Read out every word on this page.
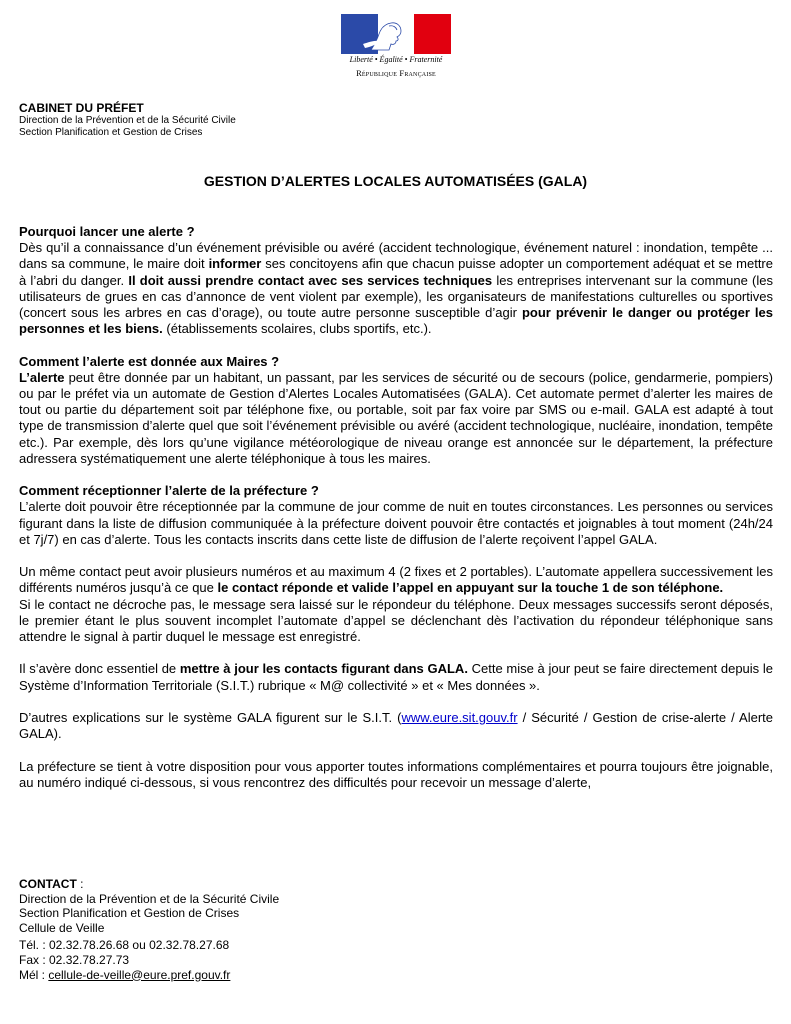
Liberté • Égalité • Fraternité
République Française
CABINET DU PRÉFET
Direction de la Prévention et de la Sécurité Civile
Section Planification et Gestion de Crises
GESTION D’ALERTES LOCALES AUTOMATISÉES (GALA)

Pourquoi lancer une alerte ?

Dès qu’il a connaissance d’un événement prévisible ou avéré (accident technologique, événement naturel : inondation, tempête ... dans sa commune, le maire doit informer ses concitoyens afin que chacun puisse adopter un comportement adéquat et se mettre à l’abri du danger. Il doit aussi prendre contact avec ses services techniques les entreprises intervenant sur la commune (les utilisateurs de grues en cas d’annonce de vent violent par exemple), les organisateurs de manifestations culturelles ou sportives (concert sous les arbres en cas d’orage), ou toute autre personne susceptible d’agir pour prévenir le danger ou protéger les personnes et les biens. (établissements scolaires, clubs sportifs, etc.).

Comment l’alerte est donnée aux Maires ?

L’alerte peut être donnée par un habitant, un passant, par les services de sécurité ou de secours (police, gendarmerie, pompiers) ou par le préfet via un automate de Gestion d’Alertes Locales Automatisées (GALA). Cet automate permet d’alerter les maires de tout ou partie du département soit par téléphone fixe, ou portable, soit par fax voire par SMS ou e-mail. GALA est adapté à tout type de transmission d’alerte quel que soit l’événement prévisible ou avéré (accident technologique, nucléaire, inondation, tempête etc.). Par exemple, dès lors qu’une vigilance météorologique de niveau orange est annoncée sur le département, la préfecture adressera systématiquement une alerte téléphonique à tous les maires.

Comment réceptionner l’alerte de la préfecture ?

L’alerte doit pouvoir être réceptionnée par la commune de jour comme de nuit en toutes circonstances. Les personnes ou services figurant dans la liste de diffusion communiquée à la préfecture doivent pouvoir être contactés et joignables à tout moment (24h/24 et 7j/7) en cas d’alerte. Tous les contacts inscrits dans cette liste de diffusion de l’alerte reçoivent l’appel GALA.

Un même contact peut avoir plusieurs numéros et au maximum 4 (2 fixes et 2 portables). L’automate appellera successivement les différents numéros jusqu’à ce que le contact réponde et valide l’appel en appuyant sur la touche 1 de son téléphone.

Si le contact ne décroche pas, le message sera laissé sur le répondeur du téléphone. Deux messages successifs seront déposés, le premier étant le plus souvent incomplet l’automate d’appel se déclenchant dès l’activation du répondeur téléphonique sans attendre le signal à partir duquel le message est enregistré.

Il s’avère donc essentiel de mettre à jour les contacts figurant dans GALA. Cette mise à jour peut se faire directement depuis le Système d’Information Territoriale (S.I.T.) rubrique « M@ collectivité » et « Mes données ».

D’autres explications sur le système GALA figurent sur le S.I.T. (www.eure.sit.gouv.fr / Sécurité / Gestion de crise-alerte / Alerte GALA).

La préfecture se tient à votre disposition pour vous apporter toutes informations complémentaires et pourra toujours être joignable, au numéro indiqué ci-dessous, si vous rencontrez des difficultés pour recevoir un message d’alerte,

CONTACT :
Direction de la Prévention et de la Sécurité Civile
Section Planification et Gestion de Crises
Cellule de Veille
Tél. : 02.32.78.26.68 ou 02.32.78.27.68
Fax : 02.32.78.27.73
Mél : cellule-de-veille@eure.pref.gouv.fr
